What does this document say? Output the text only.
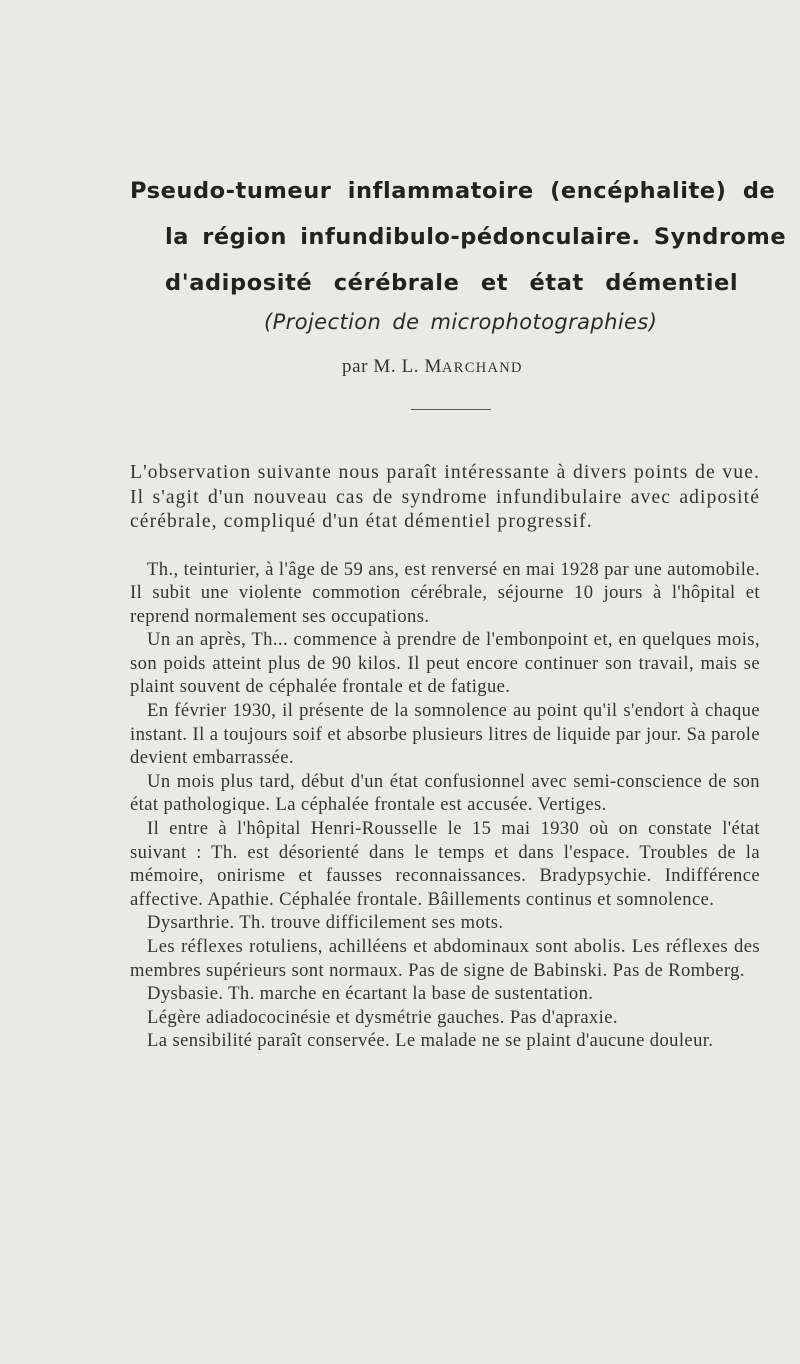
Pseudo-tumeur inflammatoire (encéphalite) de
la région infundibulo-pédonculaire. Syndrome
d'adiposité cérébrale et état démentiel

(Projection de microphotographies)

par M. L. MARCHAND

L'observation suivante nous paraît intéressante à divers points de vue. Il s'agit d'un nouveau cas de syndrome infundibulaire avec adiposité cérébrale, compliqué d'un état démentiel progressif.

Th., teinturier, à l'âge de 59 ans, est renversé en mai 1928 par une automobile. Il subit une violente commotion cérébrale, séjourne 10 jours à l'hôpital et reprend normalement ses occupations.

Un an après, Th... commence à prendre de l'embonpoint et, en quelques mois, son poids atteint plus de 90 kilos. Il peut encore continuer son travail, mais se plaint souvent de céphalée frontale et de fatigue.

En février 1930, il présente de la somnolence au point qu'il s'endort à chaque instant. Il a toujours soif et absorbe plusieurs litres de liquide par jour. Sa parole devient embarrassée.

Un mois plus tard, début d'un état confusionnel avec semi-conscience de son état pathologique. La céphalée frontale est accusée. Vertiges.

Il entre à l'hôpital Henri-Rousselle le 15 mai 1930 où on constate l'état suivant : Th. est désorienté dans le temps et dans l'espace. Troubles de la mémoire, onirisme et fausses reconnaissances. Bradypsychie. Indifférence affective. Apathie. Céphalée frontale. Bâillements continus et somnolence.

Dysarthrie. Th. trouve difficilement ses mots.

Les réflexes rotuliens, achilléens et abdominaux sont abolis. Les réflexes des membres supérieurs sont normaux. Pas de signe de Babinski. Pas de Romberg.

Dysbasie. Th. marche en écartant la base de sustentation.

Légère adiadococinésie et dysmétrie gauches. Pas d'apraxie.

La sensibilité paraît conservée. Le malade ne se plaint d'aucune douleur.
